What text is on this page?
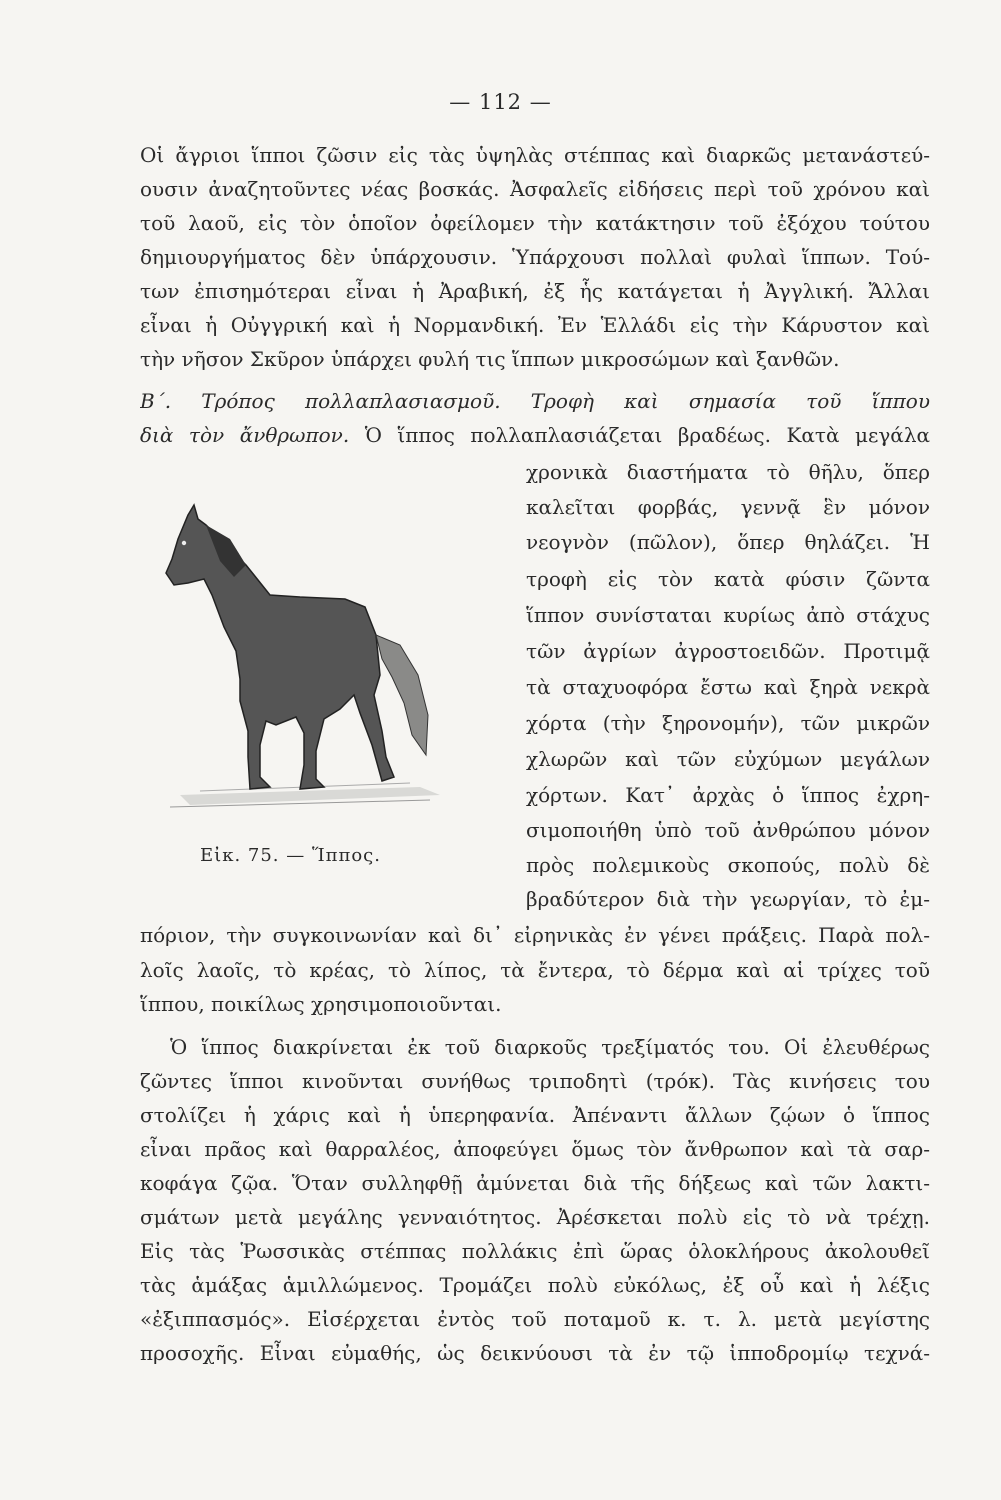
— 112 —
Οἱ ἄγριοι ἵπποι ζῶσιν εἰς τὰς ὑψηλὰς στέππας καὶ διαρκῶς μετανάστεύ-
ουσιν ἀναζητοῦντες νέας βοσκάς. Ἀσφαλεῖς εἰδήσεις περὶ τοῦ χρόνου καὶ
τοῦ λαοῦ, εἰς τὸν ὁποῖον ὀφείλομεν τὴν κατάκτησιν τοῦ ἐξόχου τούτου
δημιουργήματος δὲν ὑπάρχουσιν. Ὑπάρχουσι πολλαὶ φυλαὶ ἵππων. Τού-
των ἐπισημότεραι εἶναι ἡ Ἀραβική, ἐξ ἧς κατάγεται ἡ Ἀγγλική. Ἄλλαι
εἶναι ἡ Οὐγγρική καὶ ἡ Νορμανδική. Ἐν Ἑλλάδι εἰς τὴν Κάρυστον καὶ
τὴν νῆσον Σκῦρον ὑπάρχει φυλή τις ἵππων μικροσώμων καὶ ξανθῶν.
Β΄. Τρόπος πολλαπλασιασμοῦ. Τροφὴ καὶ σημασία τοῦ ἵππου
διὰ τὸν ἄνθρωπον. Ὁ ἵππος πολλαπλασιάζεται βραδέως. Κατὰ μεγάλα
χρονικὰ διαστήματα τὸ θῆλυ, ὅπερ
καλεῖται φορβάς, γεννᾷ ἓν μόνον
νεογνὸν (πῶλον), ὅπερ θηλάζει. Ἡ
τροφὴ εἰς τὸν κατὰ φύσιν ζῶντα
ἵππον συνίσταται κυρίως ἀπὸ στάχυς
τῶν ἀγρίων ἀγροστοειδῶν. Προτιμᾷ
τὰ σταχυοφόρα ἔστω καὶ ξηρὰ νεκρὰ
χόρτα (τὴν ξηρονομήν), τῶν μικρῶν
χλωρῶν καὶ τῶν εὐχύμων μεγάλων
χόρτων. Κατ᾽ ἀρχὰς ὁ ἵππος ἐχρη-
σιμοποιήθη ὑπὸ τοῦ ἀνθρώπου μόνον
πρὸς πολεμικοὺς σκοπούς, πολὺ δὲ
βραδύτερον διὰ τὴν γεωργίαν, τὸ ἐμ-
Εἰκ. 75. — Ἵππος.
πόριον, τὴν συγκοινωνίαν καὶ δι᾽ εἰρηνικὰς ἐν γένει πράξεις. Παρὰ πολ-
λοῖς λαοῖς, τὸ κρέας, τὸ λίπος, τὰ ἔντερα, τὸ δέρμα καὶ αἱ τρίχες τοῦ
ἵππου, ποικίλως χρησιμοποιοῦνται.
Ὁ ἵππος διακρίνεται ἐκ τοῦ διαρκοῦς τρεξίματός του. Οἱ ἐλευθέρως
ζῶντες ἵπποι κινοῦνται συνήθως τριποδητὶ (τρόκ). Τὰς κινήσεις του
στολίζει ἡ χάρις καὶ ἡ ὑπερηφανία. Ἀπέναντι ἄλλων ζῴων ὁ ἵππος
εἶναι πρᾶος καὶ θαρραλέος, ἀποφεύγει ὅμως τὸν ἄνθρωπον καὶ τὰ σαρ-
κοφάγα ζῷα. Ὅταν συλληφθῇ ἀμύνεται διὰ τῆς δήξεως καὶ τῶν λακτι-
σμάτων μετὰ μεγάλης γενναιότητος. Ἀρέσκεται πολὺ εἰς τὸ νὰ τρέχῃ.
Εἰς τὰς Ῥωσσικὰς στέππας πολλάκις ἐπὶ ὥρας ὁλοκλήρους ἀκολουθεῖ
τὰς ἁμάξας ἁμιλλώμενος. Τρομάζει πολὺ εὐκόλως, ἐξ οὗ καὶ ἡ λέξις
«ἐξιππασμός». Εἰσέρχεται ἐντὸς τοῦ ποταμοῦ κ. τ. λ. μετὰ μεγίστης
προσοχῆς. Εἶναι εὐμαθής, ὡς δεικνύουσι τὰ ἐν τῷ ἱπποδρομίῳ τεχνά-
